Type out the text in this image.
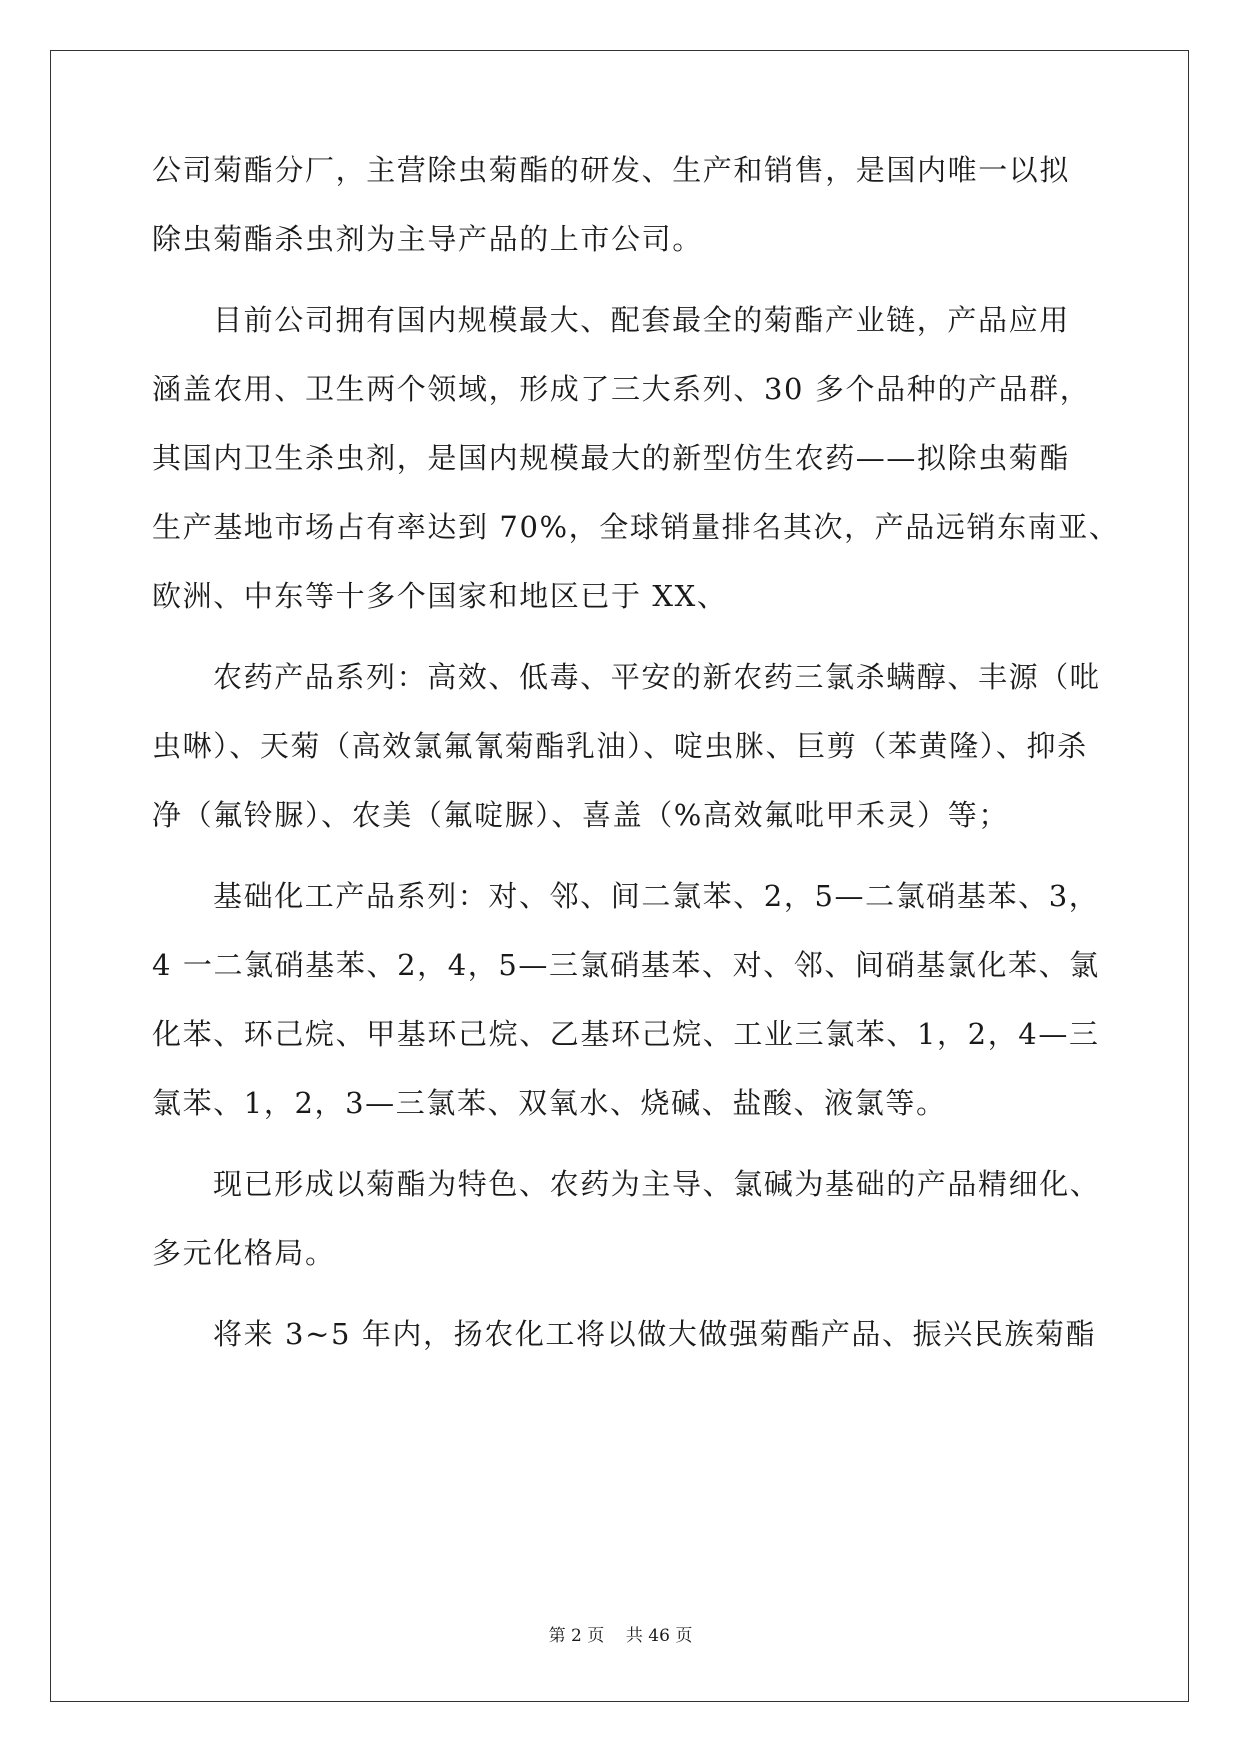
公司菊酯分厂，主营除虫菊酯的研发、生产和销售，是国内唯一以拟
除虫菊酯杀虫剂为主导产品的上市公司。
目前公司拥有国内规模最大、配套最全的菊酯产业链，产品应用
涵盖农用、卫生两个领域，形成了三大系列、30 多个品种的产品群，
其国内卫生杀虫剂，是国内规模最大的新型仿生农药——拟除虫菊酯
生产基地市场占有率达到 70%，全球销量排名其次，产品远销东南亚、
欧洲、中东等十多个国家和地区已于 XX、
农药产品系列：高效、低毒、平安的新农药三氯杀螨醇、丰源（吡
虫啉）、天菊（高效氯氟氰菊酯乳油）、啶虫脒、巨剪（苯黄隆）、抑杀
净（氟铃脲）、农美（氟啶脲）、喜盖（%高效氟吡甲禾灵）等；
基础化工产品系列：对、邻、间二氯苯、2，5—二氯硝基苯、3，
4 一二氯硝基苯、2，4，5—三氯硝基苯、对、邻、间硝基氯化苯、氯
化苯、环己烷、甲基环己烷、乙基环己烷、工业三氯苯、1，2，4—三
氯苯、1，2，3—三氯苯、双氧水、烧碱、盐酸、液氯等。
现已形成以菊酯为特色、农药为主导、氯碱为基础的产品精细化、
多元化格局。
将来 3~5 年内，扬农化工将以做大做强菊酯产品、振兴民族菊酯
第 2 页    共 46 页
